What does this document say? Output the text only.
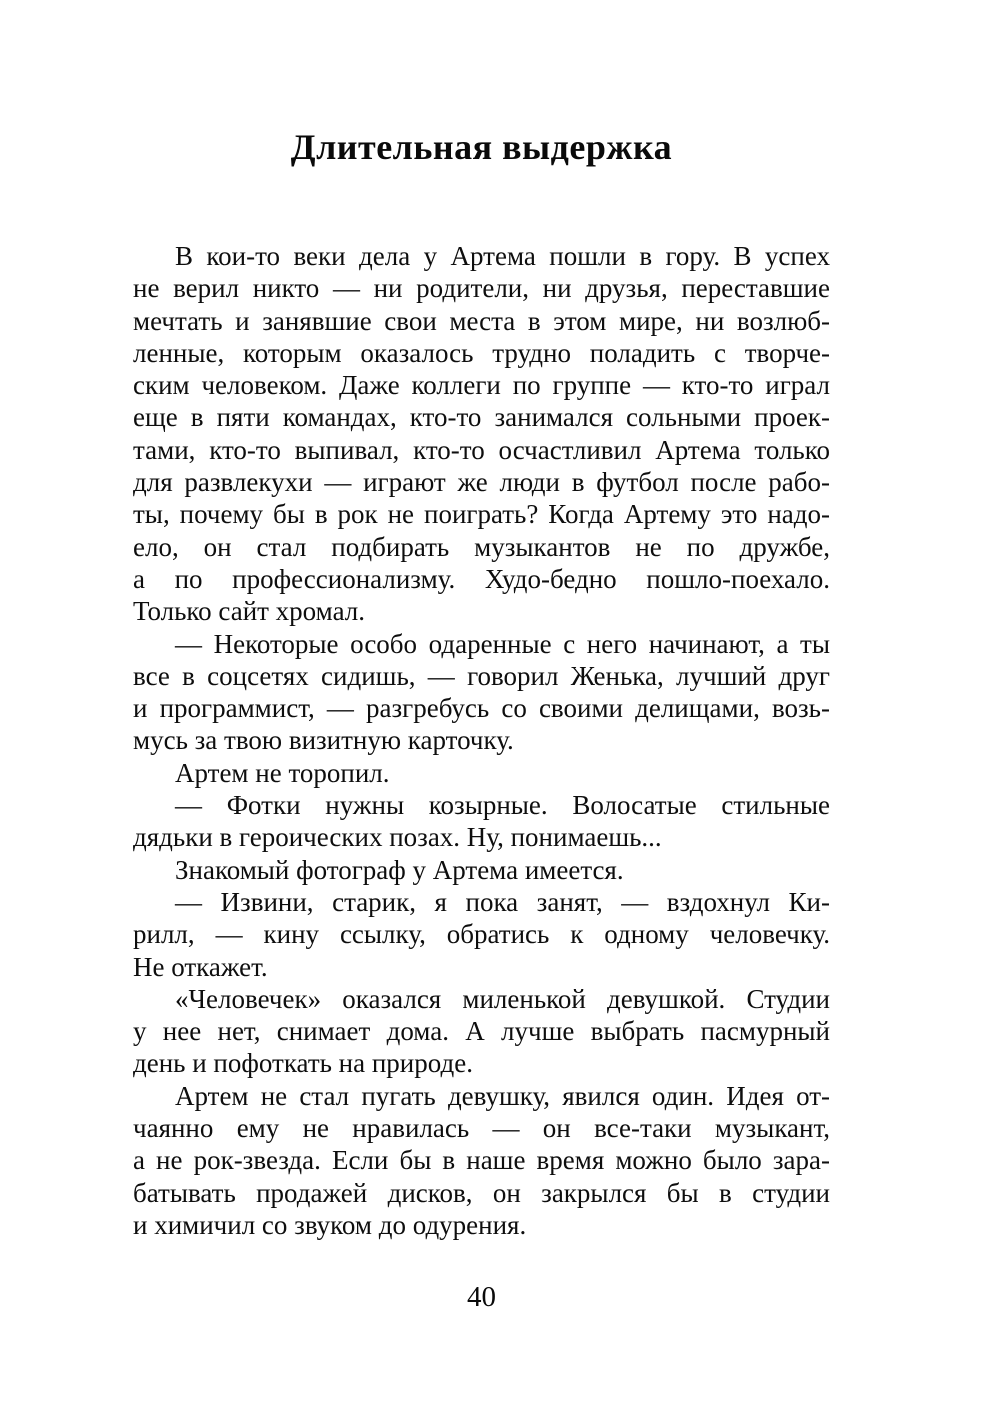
Длительная выдержка
В кои-то веки дела у Артема пошли в гору. В успех
не верил никто — ни родители, ни друзья, переставшие
мечтать и занявшие свои места в этом мире, ни возлюб-
ленные, которым оказалось трудно поладить с творче-
ским человеком. Даже коллеги по группе — кто-то играл
еще в пяти командах, кто-то занимался сольными проек-
тами, кто-то выпивал, кто-то осчастливил Артема только
для развлекухи — играют же люди в футбол после рабо-
ты, почему бы в рок не поиграть? Когда Артему это надо-
ело, он стал подбирать музыкантов не по дружбе,
а по профессионализму. Худо-бедно пошло-поехало.
Только сайт хромал.
— Некоторые особо одаренные с него начинают, а ты
все в соцсетях сидишь, — говорил Женька, лучший друг
и программист, — разгребусь со своими делищами, возь-
мусь за твою визитную карточку.
Артем не торопил.
— Фотки нужны козырные. Волосатые стильные
дядьки в героических позах. Ну, понимаешь...
Знакомый фотограф у Артема имеется.
— Извини, старик, я пока занят, — вздохнул Ки-
рилл, — кину ссылку, обратись к одному человечку.
Не откажет.
«Человечек» оказался миленькой девушкой. Студии
у нее нет, снимает дома. А лучше выбрать пасмурный
день и пофоткать на природе.
Артем не стал пугать девушку, явился один. Идея от-
чаянно ему не нравилась — он все-таки музыкант,
а не рок-звезда. Если бы в наше время можно было зара-
батывать продажей дисков, он закрылся бы в студии
и химичил со звуком до одурения.
40
